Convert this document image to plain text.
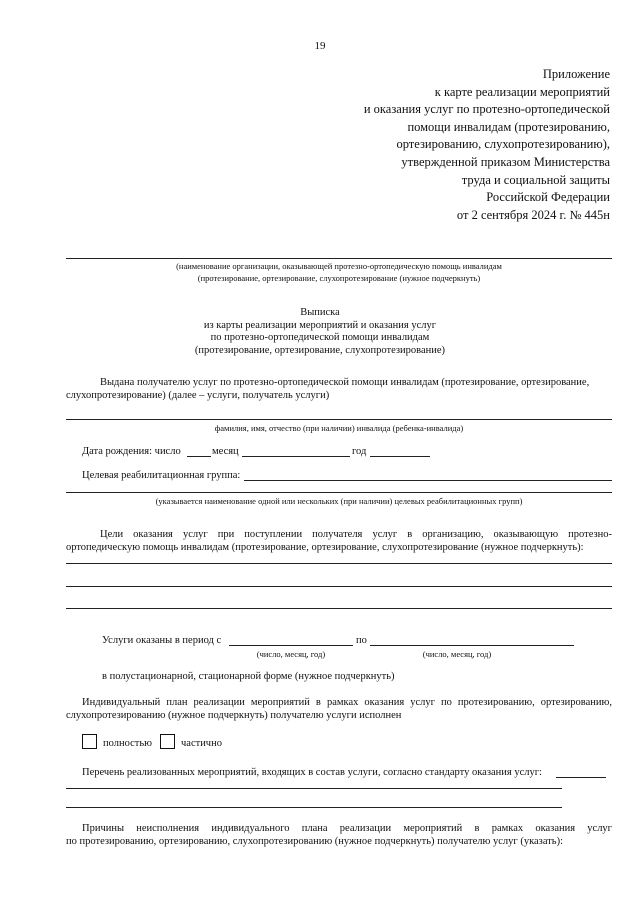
19
Приложение
к карте реализации мероприятий
и оказания услуг по протезно-ортопедической
помощи инвалидам (протезированию,
ортезированию, слухопротезированию),
утвержденной приказом Министерства
труда и социальной защиты
Российской Федерации
от 2 сентября 2024 г. № 445н
(наименование организации, оказывающей протезно-ортопедическую помощь инвалидам
(протезирование, ортезирование, слухопротезирование (нужное подчеркнуть)
Выписка
из карты реализации мероприятий и оказания услуг
по протезно-ортопедической помощи инвалидам
(протезирование, ортезирование, слухопротезирование)
Выдана получателю услуг по протезно-ортопедической помощи инвалидам (протезирование, ортезирование,
слухопротезирование) (далее – услуги, получатель услуги)
фамилия, имя, отчество (при наличии) инвалида (ребенка-инвалида)
Дата рождения: число	месяц	год
Целевая реабилитационная группа:
(указывается наименование одной или нескольких (при наличии) целевых реабилитационных групп)
Цели оказания услуг при поступлении получателя услуг в организацию, оказывающую протезно-
ортопедическую помощь инвалидам (протезирование, ортезирование, слухопротезирование (нужное подчеркнуть):
Услуги оказаны в период с	по
(число, месяц, год)	(число, месяц, год)
в полустационарной, стационарной форме (нужное подчеркнуть)
Индивидуальный план реализации мероприятий в рамках оказания услуг по протезированию, ортезированию,
слухопротезированию (нужное подчеркнуть) получателю услуги исполнен
полностью	частично
Перечень реализованных мероприятий, входящих в состав услуги, согласно стандарту оказания услуг:
Причины неисполнения индивидуального плана реализации мероприятий в рамках оказания услуг
по протезированию, ортезированию, слухопротезированию (нужное подчеркнуть) получателю услуг (указать):
